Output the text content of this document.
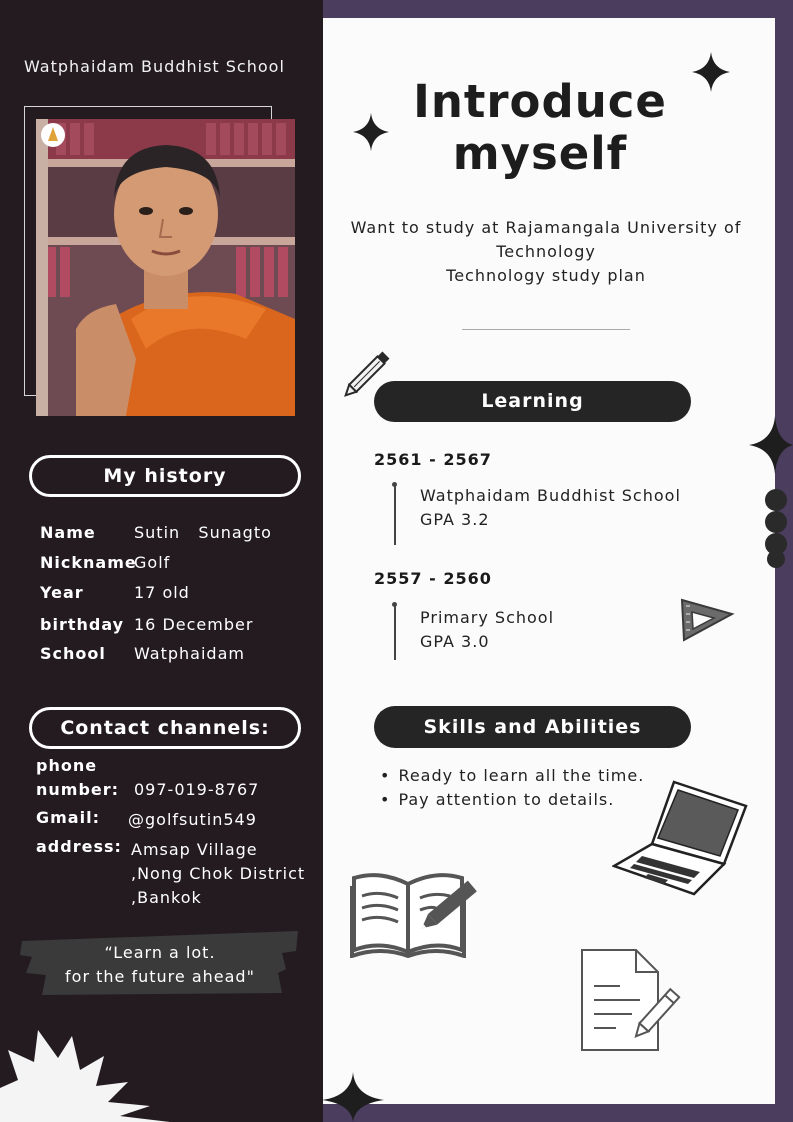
Watphaidam Buddhist School
My history
Name Sutin   Sunagto
NicknameGolf
Year	17 old
birthday 16 December
School Watphaidam
Contact channels:
phone
number: 097-019-8767
Gmail: @golfsutin549
address: Amsap Village
,Nong Chok District
,Bankok
“Learn a lot.
for the future ahead"
Introduce
myself
Want to study at Rajamangala University of
Technology
Technology study plan
Learning
2561 - 2567
Watphaidam Buddhist School
GPA 3.2
2557 - 2560
Primary School
GPA 3.0
Skills and Abilities
• Ready to learn all the time.
• Pay attention to details.
